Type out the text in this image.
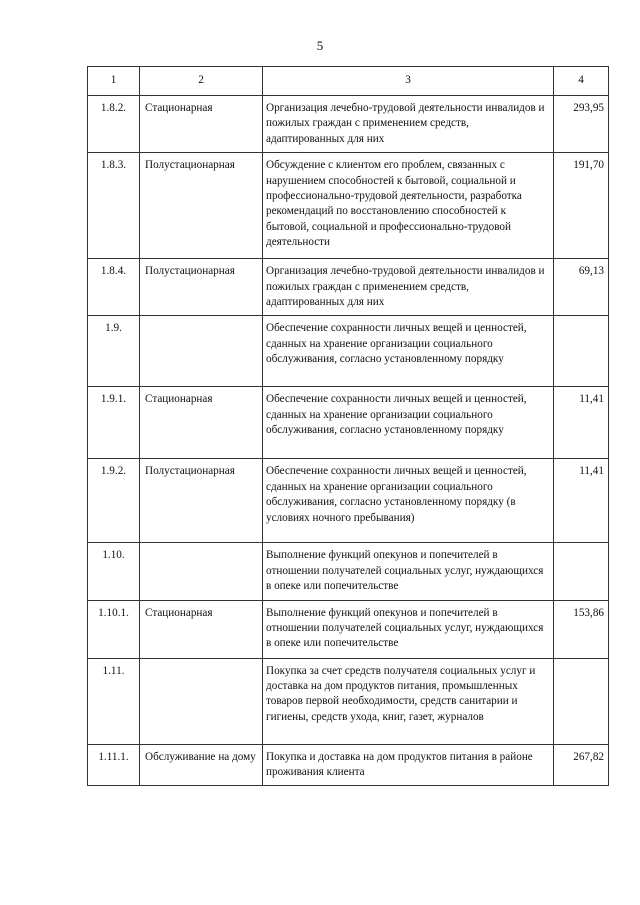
5
1	2	3	4
1.8.2.	Стационарная	Организация лечебно-трудовой деятельности инвалидов и пожилых граждан с применением средств, адаптированных для них	293,95
1.8.3.	Полустационарная	Обсуждение с клиентом его проблем, связанных с нарушением способностей к бытовой, социальной и профессионально-трудовой деятельности, разработка рекомендаций по восстановлению способностей к бытовой, социальной и профессионально-трудовой деятельности	191,70
1.8.4.	Полустационарная	Организация лечебно-трудовой деятельности инвалидов и пожилых граждан с применением средств, адаптированных для них	69,13
1.9.		Обеспечение сохранности личных вещей и ценностей, сданных на хранение организации социального обслуживания, согласно установленному порядку	
1.9.1.	Стационарная	Обеспечение сохранности личных вещей и ценностей, сданных на хранение организации социального обслуживания, согласно установленному порядку	11,41
1.9.2.	Полустационарная	Обеспечение сохранности личных вещей и ценностей, сданных на хранение организации социального обслуживания, согласно установленному порядку (в условиях ночного пребывания)	11,41
1.10.		Выполнение функций опекунов и попечителей в отношении получателей социальных услуг, нуждающихся в опеке или попечительстве	
1.10.1.	Стационарная	Выполнение функций опекунов и попечителей в отношении получателей социальных услуг, нуждающихся в опеке или попечительстве	153,86
1.11.		Покупка за счет средств получателя социальных услуг и доставка на дом продуктов питания, промышленных товаров первой необходимости, средств санитарии и гигиены, средств ухода, книг, газет, журналов	
1.11.1.	Обслуживание на дому	Покупка и доставка на дом продуктов питания в районе проживания клиента	267,82
